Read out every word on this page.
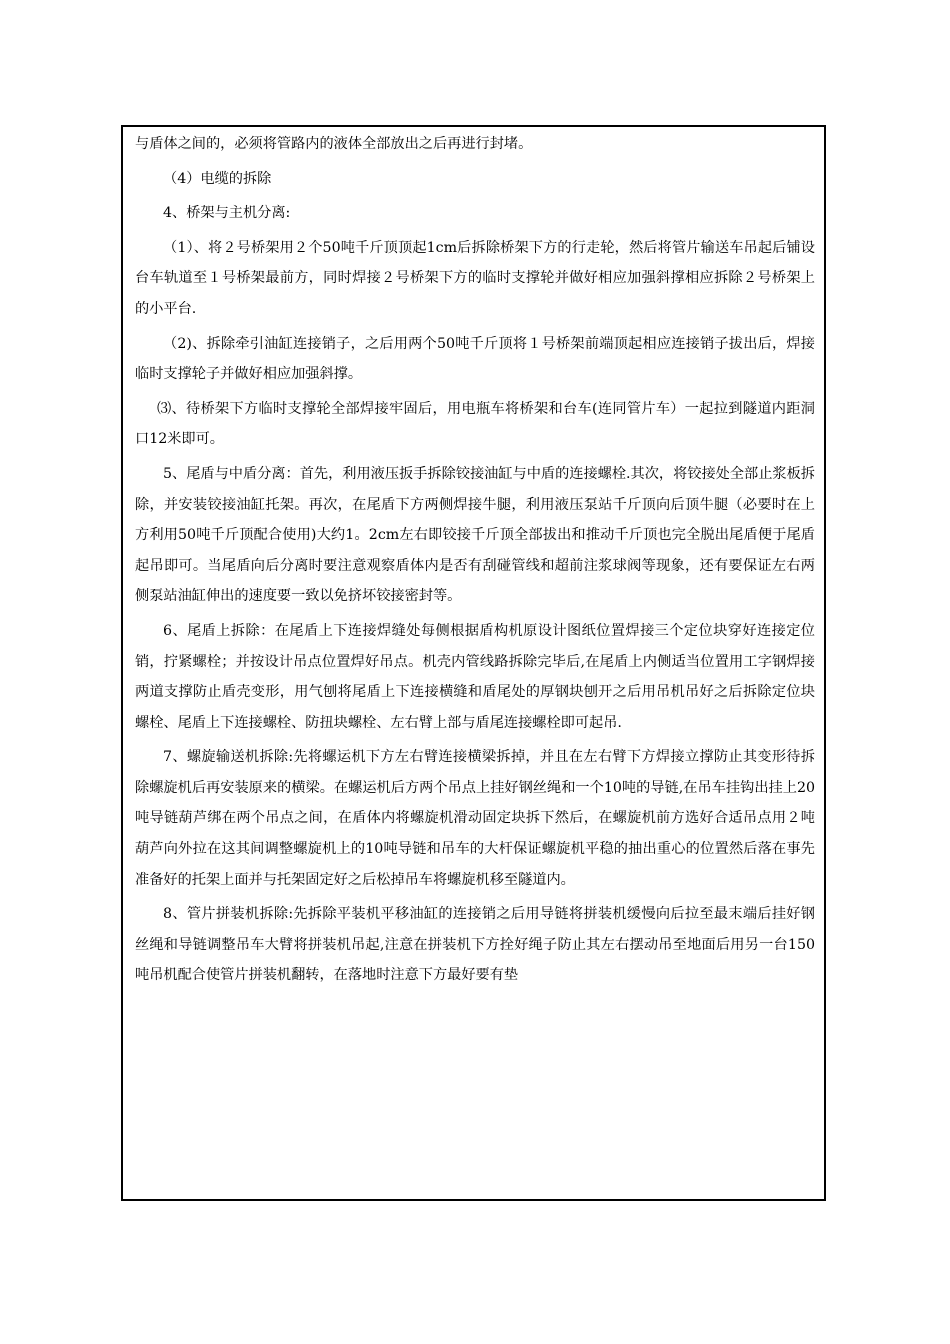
与盾体之间的，必须将管路内的液体全部放出之后再进行封堵。

（4）电缆的拆除

4、桥架与主机分离:

（1）、将２号桥架用２个50吨千斤顶顶起1cm后拆除桥架下方的行走轮，然后将管片输送车吊起后铺设台车轨道至１号桥架最前方，同时焊接２号桥架下方的临时支撑轮并做好相应加强斜撑相应拆除２号桥架上的小平台.

（2)、拆除牵引油缸连接销子，之后用两个50吨千斤顶将１号桥架前端顶起相应连接销子拔出后，焊接临时支撑轮子并做好相应加强斜撑。

⑶、待桥架下方临时支撑轮全部焊接牢固后，用电瓶车将桥架和台车(连同管片车）一起拉到隧道内距洞口12米即可。

5、尾盾与中盾分离：首先，利用液压扳手拆除铰接油缸与中盾的连接螺栓.其次，将铰接处全部止浆板拆除，并安装铰接油缸托架。再次，在尾盾下方两侧焊接牛腿，利用液压泵站千斤顶向后顶牛腿（必要时在上方利用50吨千斤顶配合使用)大约1。2cm左右即铰接千斤顶全部拔出和推动千斤顶也完全脱出尾盾便于尾盾起吊即可。当尾盾向后分离时要注意观察盾体内是否有刮碰管线和超前注浆球阀等现象，还有要保证左右两侧泵站油缸伸出的速度要一致以免挤坏铰接密封等。

6、尾盾上拆除：在尾盾上下连接焊缝处每侧根据盾构机原设计图纸位置焊接三个定位块穿好连接定位销，拧紧螺栓；并按设计吊点位置焊好吊点。机壳内管线路拆除完毕后,在尾盾上内侧适当位置用工字钢焊接两道支撑防止盾壳变形，用气刨将尾盾上下连接横缝和盾尾处的厚钢块刨开之后用吊机吊好之后拆除定位块螺栓、尾盾上下连接螺栓、防扭块螺栓、左右臂上部与盾尾连接螺栓即可起吊.

7、螺旋输送机拆除:先将螺运机下方左右臂连接横梁拆掉，并且在左右臂下方焊接立撑防止其变形待拆除螺旋机后再安装原来的横梁。在螺运机后方两个吊点上挂好钢丝绳和一个10吨的导链,在吊车挂钩出挂上20吨导链葫芦绑在两个吊点之间，在盾体内将螺旋机滑动固定块拆下然后，在螺旋机前方选好合适吊点用２吨葫芦向外拉在这其间调整螺旋机上的10吨导链和吊车的大杆保证螺旋机平稳的抽出重心的位置然后落在事先准备好的托架上面并与托架固定好之后松掉吊车将螺旋机移至隧道内。

8、管片拼装机拆除:先拆除平装机平移油缸的连接销之后用导链将拼装机缓慢向后拉至最末端后挂好钢丝绳和导链调整吊车大臂将拼装机吊起,注意在拼装机下方拴好绳子防止其左右摆动吊至地面后用另一台150吨吊机配合使管片拼装机翻转，在落地时注意下方最好要有垫
